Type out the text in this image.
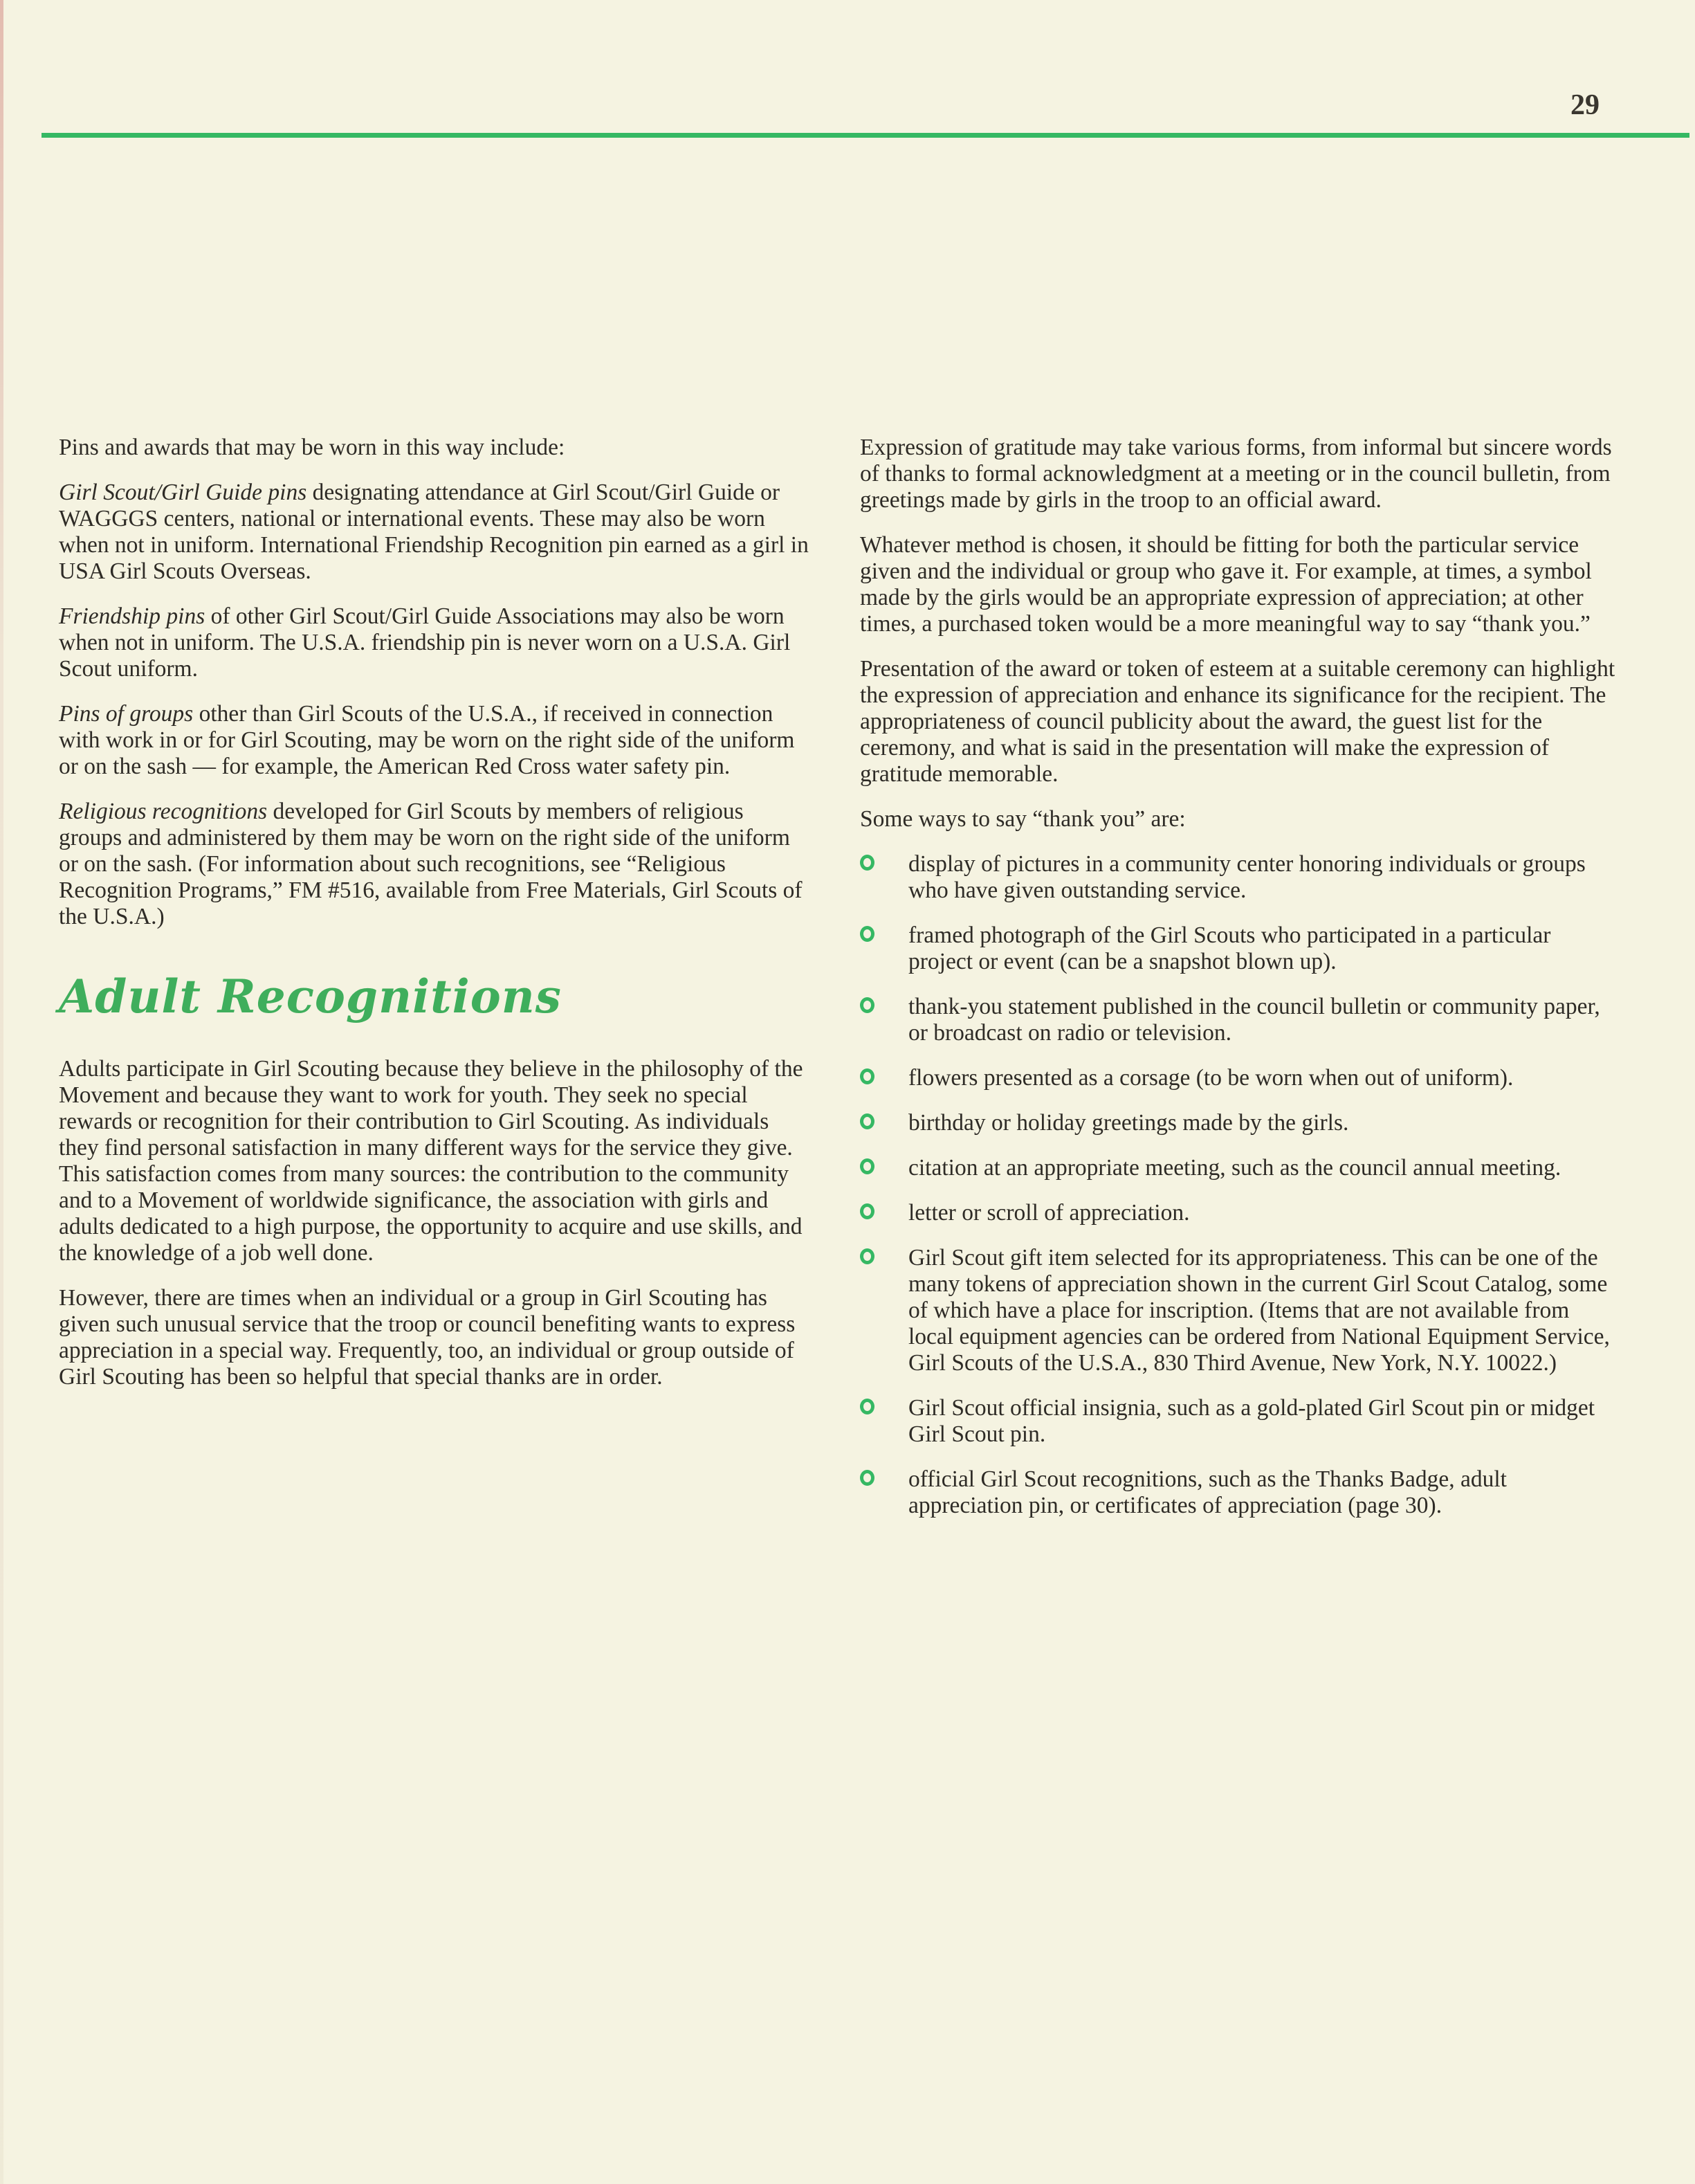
29

Pins and awards that may be worn in this way include:

Girl Scout/Girl Guide pins designating attendance at Girl Scout/Girl Guide or WAGGGS centers, national or international events. These may also be worn when not in uniform. International Friendship Recognition pin earned as a girl in USA Girl Scouts Overseas.

Friendship pins of other Girl Scout/Girl Guide Associations may also be worn when not in uniform. The U.S.A. friendship pin is never worn on a U.S.A. Girl Scout uniform.

Pins of groups other than Girl Scouts of the U.S.A., if received in connection with work in or for Girl Scouting, may be worn on the right side of the uniform or on the sash — for example, the American Red Cross water safety pin.

Religious recognitions developed for Girl Scouts by members of religious groups and administered by them may be worn on the right side of the uniform or on the sash. (For information about such recognitions, see “Religious Recognition Programs,” FM #516, available from Free Materials, Girl Scouts of the U.S.A.)

Adult Recognitions

Adults participate in Girl Scouting because they believe in the philosophy of the Movement and because they want to work for youth. They seek no special rewards or recognition for their contribution to Girl Scouting. As individuals they find personal satisfaction in many different ways for the service they give. This satisfaction comes from many sources: the contribution to the community and to a Movement of worldwide significance, the association with girls and adults dedicated to a high purpose, the opportunity to acquire and use skills, and the knowledge of a job well done.

However, there are times when an individual or a group in Girl Scouting has given such unusual service that the troop or council benefiting wants to express appreciation in a special way. Frequently, too, an individual or group outside of Girl Scouting has been so helpful that special thanks are in order.

Expression of gratitude may take various forms, from informal but sincere words of thanks to formal acknowledgment at a meeting or in the council bulletin, from greetings made by girls in the troop to an official award.

Whatever method is chosen, it should be fitting for both the particular service given and the individual or group who gave it. For example, at times, a symbol made by the girls would be an appropriate expression of appreciation; at other times, a purchased token would be a more meaningful way to say “thank you.”

Presentation of the award or token of esteem at a suitable ceremony can highlight the expression of appreciation and enhance its significance for the recipient. The appropriateness of council publicity about the award, the guest list for the ceremony, and what is said in the presentation will make the expression of gratitude memorable.

Some ways to say “thank you” are:

display of pictures in a community center honoring individuals or groups who have given outstanding service.
framed photograph of the Girl Scouts who participated in a particular project or event (can be a snapshot blown up).
thank-you statement published in the council bulletin or community paper, or broadcast on radio or television.
flowers presented as a corsage (to be worn when out of uniform).
birthday or holiday greetings made by the girls.
citation at an appropriate meeting, such as the council annual meeting.
letter or scroll of appreciation.
Girl Scout gift item selected for its appropriateness. This can be one of the many tokens of appreciation shown in the current Girl Scout Catalog, some of which have a place for inscription. (Items that are not available from local equipment agencies can be ordered from National Equipment Service, Girl Scouts of the U.S.A., 830 Third Avenue, New York, N.Y. 10022.)
Girl Scout official insignia, such as a gold-plated Girl Scout pin or midget Girl Scout pin.
official Girl Scout recognitions, such as the Thanks Badge, adult appreciation pin, or certificates of appreciation (page 30).
